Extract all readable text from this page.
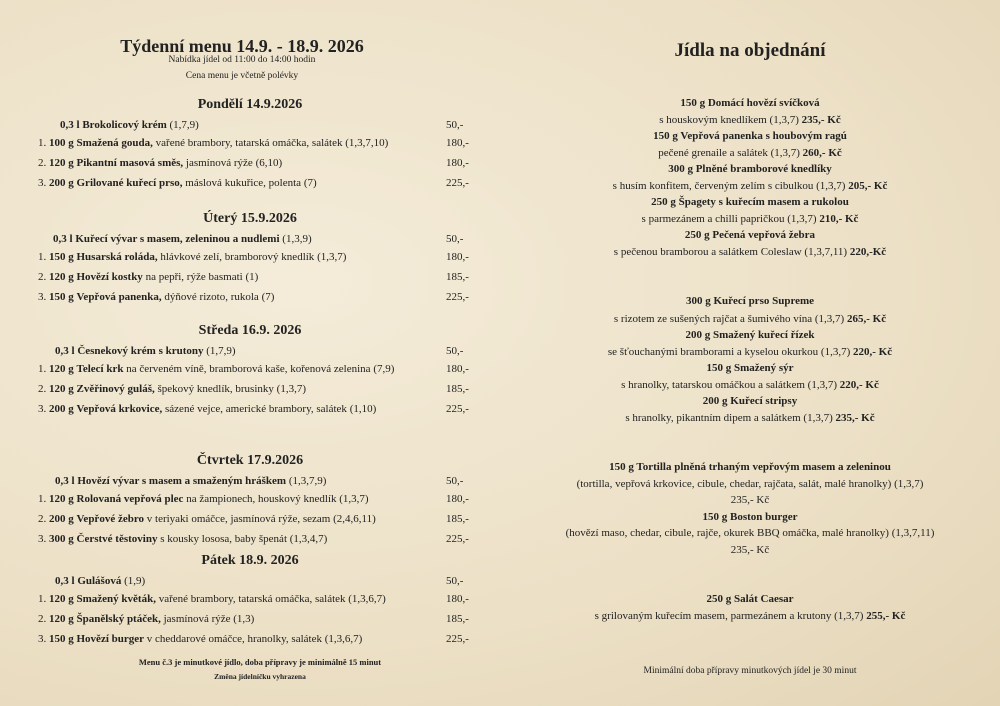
Týdenní menu 14.9. - 18.9. 2026
Nabídka jídel od 11:00 do 14:00 hodin
Cena menu je včetně polévky
Pondělí 14.9.2026
0,3 l Brokolicový krém (1,7,9)	50,-
1. 100 g Smažená gouda, vařené brambory, tatarská omáčka, salátek (1,3,7,10)	180,-
2. 120 g Pikantní masová směs, jasmínová rýže (6,10)	180,-
3. 200 g Grilované kuřecí prso, máslová kukuřice, polenta (7)	225,-
Úterý 15.9.2026
0,3 l Kuřecí vývar s masem, zeleninou a nudlemi (1,3,9)	50,-
1. 150 g Husarská roláda, hlávkové zelí, bramborový knedlík (1,3,7)	180,-
2. 120 g Hovězí kostky na pepři, rýže basmati (1)	185,-
3. 150 g Vepřová panenka, dýňové rizoto, rukola (7)	225,-
Středa 16.9. 2026
0,3 l Česnekový krém s krutony (1,7,9)	50,-
1. 120 g Telecí krk na červeném víně, bramborová kaše, kořenová zelenina (7,9)	180,-
2. 120 g Zvěřinový guláš, špekový knedlík, brusinky (1,3,7)	185,-
3. 200 g Vepřová krkovice, sázené vejce, americké brambory, salátek (1,10)	225,-
Čtvrtek 17.9.2026
0,3 l Hovězí vývar s masem a smaženým hráškem (1,3,7,9)	50,-
1. 120 g Rolovaná vepřová plec na žampionech, houskový knedlík (1,3,7)	180,-
2. 200 g Vepřové žebro v teriyaki omáčce, jasmínová rýže, sezam (2,4,6,11)	185,-
3. 300 g Čerstvé těstoviny s kousky lososa, baby špenát (1,3,4,7)	225,-
Pátek 18.9. 2026
0,3 l Gulášová (1,9)	50,-
1. 120 g Smažený květák, vařené brambory, tatarská omáčka, salátek (1,3,6,7)	180,-
2. 120 g Španělský ptáček, jasmínová rýže (1,3)	185,-
3. 150 g Hovězí burger v cheddarové omáčce, hranolky, salátek (1,3,6,7)	225,-
Menu č.3 je minutkové jídlo, doba přípravy je minimálně 15 minut
Změna jídelníčku vyhrazena
Jídla na objednání
150 g Domácí hovězí svíčková
s houskovým knedlíkem (1,3,7) 235,- Kč
150 g Vepřová panenka s houbovým ragú
pečené grenaile a salátek (1,3,7) 260,- Kč
300 g Plněné bramborové knedlíky
s husím konfitem, červeným zelím s cibulkou (1,3,7) 205,- Kč
250 g Špagety s kuřecím masem a rukolou
s parmezánem a chilli papričkou (1,3,7) 210,- Kč
250 g Pečená vepřová žebra
s pečenou bramborou a salátkem Coleslaw (1,3,7,11) 220,-Kč
300 g Kuřecí prso Supreme
s rizotem ze sušených rajčat a šumivého vína (1,3,7) 265,- Kč
200 g Smažený kuřecí řízek
se šťouchanými bramborami a kyselou okurkou (1,3,7) 220,- Kč
150 g Smažený sýr
s hranolky, tatarskou omáčkou a salátkem (1,3,7) 220,- Kč
200 g Kuřecí stripsy
s hranolky, pikantním dipem a salátkem (1,3,7) 235,- Kč
150 g Tortilla plněná trhaným vepřovým masem a zeleninou
(tortilla, vepřová krkovice, cibule, chedar, rajčata, salát, malé hranolky) (1,3,7)
235,- Kč
150 g Boston burger
(hovězí maso, chedar, cibule, rajče, okurek BBQ omáčka, malé hranolky) (1,3,7,11)
235,- Kč
250 g Salát Caesar
s grilovaným kuřecím masem, parmezánem a krutony (1,3,7) 255,- Kč
Minimální doba přípravy minutkových jídel je 30 minut
